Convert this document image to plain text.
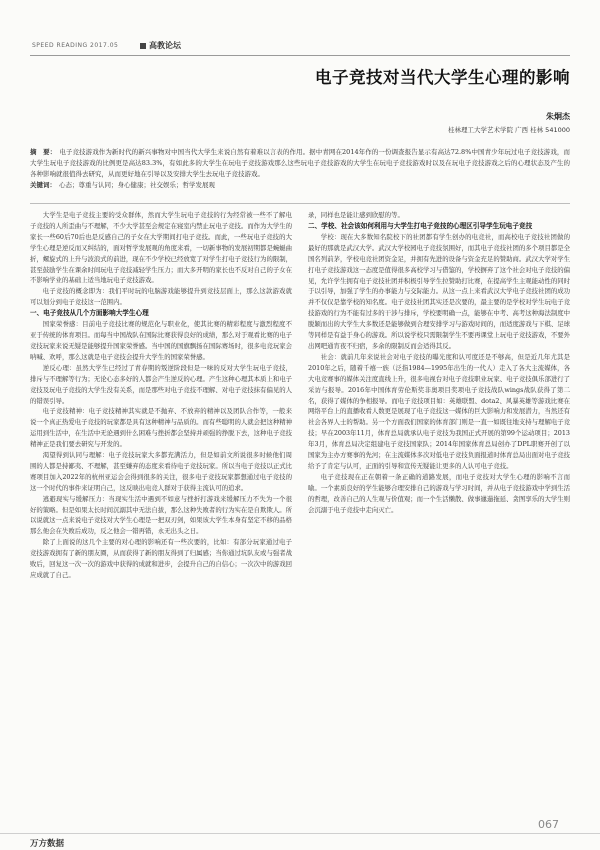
SPEED READING 2017.05	高教论坛
电子竞技对当代大学生心理的影响
朱炯杰
桂林理工大学艺术学院 广西 桂林 541000
摘　要： 电子竞技游戏作为新时代的新兴事物对中国当代大学生来说自然有着难以言表的作用。据中青网在2014年作的一份调查报告显示有高达72.8%中国青少年玩过电子竞技游戏，而大学生玩电子竞技游戏的比例更是高达83.3%，有如此多的大学生在玩电子竞技游戏那么这些玩电子竞技游戏的大学生在玩电子竞技游戏时以及在玩电子竞技游戏之后的心理状态及产生的各种影响就很值得去研究，从而更好地在引导以及安排大学生去玩电子竞技游戏。
关键词： 心态；尊重与认同；身心健康；社交娱乐；哲学发展观

大学生是电子竞技主要的受众群体，然而大学生玩电子竞技的行为经常被一些不了解电子竞技的人所歪曲与不理解，不少大学甚至会规定在寝室内禁止玩电子竞技。而作为大学生的家长一些60后70后也是反感自己的子女在大学期间打电子竞技。而此，一些玩电子竞技的大学生心理是逆反而又纠结的，面对哲学发展观的角度来看，一切新事物的发展初期都是蜿蜒曲折，螺旋式的上升与波浪式的前进，现在不少学校已经放宽了对学生打电子竞技行为的限制，甚至鼓励学生在课余时间玩电子竞技减轻学生压力；而大多开明的家长也不反对自己的子女在不影响学业的基础上适当地玩电子竞技游戏。

电子竞技的概念即为：我们平时玩的电脑游戏能够提升到竞技层面上，那么这款游戏就可以划分到电子竞技这一范围内。

一、电子竞技从几个方面影响大学生心理

国家荣誉感：目前电子竞技比赛的规范化与职业化，使其比赛的精彩程度与激烈程度不亚于传统的体育项目。而每当中国战队在国际比赛获得良好的成绩，那么对于观看比赛的电子竞技玩家来说无疑是能够提升国家荣誉感。当中国的国旗飘扬在国际赛场时，很多电竞玩家会呐喊、欢呼，那么这就是电子竞技会提升大学生的国家荣誉感。

逆反心理：虽然大学生已经过了青春期的叛逆阶段但是一味的反对大学生玩电子竞技，排斥与不理解等行为；无论心态多好的人都会产生逆反的心理。产生这种心理其本质上和电子竞技及玩电子竞技的大学生没有关系，而是那些对电子竞技不理解、对电子竞技抹有偏见的人的错误引导。

电子竞技精神：电子竞技精神其实就是不抛弃、不放弃的精神以及团队合作等，一般来说一个真正热爱电子竞技的玩家都是具有这种精神与品质的。而有些聪明的人就会把这种精神运用到生活中，在生活中无论遇到什么困难与挫折都会坚持并顽强的挣脱下去，这种电子竞技精神正是我们要去研究与开发的。

渴望得到认同与理解：电子竞技玩家大多都充满活力，但是如前文所说很多时候他们周围的人都是持鄙夷、不理解，甚至嫌弃的态度来看待电子竞技玩家。所以当电子竞技以正式比赛项目加入2022年的杭州亚运会会得到很多的关注，很多电子竞技玩家都想通过电子竞技的这一个时代的事件来证明自己，这反映出电竞人群对于获得主流认可的追求。

逃避现实与缓解压力：当现实生活中遇到不如意与挫折打游戏来缓解压力不失为一个很好的策略。但是如果太长时间沉溺其中无法自拔，那么这种失败者的行为实在是自欺欺人。所以说就这一点来说电子竞技对大学生心理是一把双刃剑，如果该大学生本身有坚定不移的品格那么他会在失败后成功，反之他会一错再错，永无出头之日。

除了上面说的这几个主要的对心理的影响还有一些次要的，比如：有部分玩家通过电子竞技游戏拥有了新的朋友圈，从而获得了新的朋友得到了归属感；当你通过坑队友或与强者战败后，回复这一次一次的游戏中获得的成就和进步，会提升自己的自信心；一次次中的游戏回应成就了自己。

录，同样也是能让感到欣慰的等。

二、学校、社会该如何利用与大学生打电子竞技的心理区引导学生玩电子竞技

学校：现在大多数知名院校下的社团都有学生创办的电竞社，而高校电子竞技社团做的最好的那就是武汉大学。武汉大学校园电子竞技氛围好，而其电子竞技社团的多个项目都是全国名列前茅，学校电竞社团资金足，并拥有先进的设备与资金充足的赞助商。武汉大学对学生打电子竞技游戏这一态度是值得很多高校学习与借鉴的，学校摒弃了这个社会对电子竞技的偏见，允许学生拥有电子竞技社团并积极引导学生拉赞助打比赛，在提高学生主观能动性的同时于以引导，加强了学生的办事能力与交际能力。从这一点上来看武汉大学电子竞技社团的成功并不仅仅是靠学校的知名度。电子竞技社团其实还是次要的，最主要的是学校对学生玩电子竞技游戏的行为不能有过多的干涉与排斥，学校要明确一点，能够在中考、高考这种海法制度中脱颖而出的大学生大多数还是能够做到合理安排学习与游戏时间的，而适度游戏与下棋、足球等同样是有益于身心的游戏。所以说学校只需限制学生不要再课堂上玩电子竞技游戏，不要外出网吧通宵夜不归宿，多余的限制反而会适得其反。

社会：就前几年来说社会对电子竞技的曝光度和认可度还是不够高，但是近几年尤其是2010年之后，随着千禧一族（泛指1984—1995年出生的一代人）走入了各大主流媒体，各大电竞赛事的媒体关注度直线上升，很多电视台对电子竞技职业玩家、电子竞技俱乐部进行了采访与报导。2016年中国体育劳伦斯奖非奥项目奖项电子竞技战队wings战队获得了第二名，获得了媒体的争相报导。而电子竞技项目如：英雄联盟、dota2、风暴英雄等游戏比赛在网络平台上的直播收看人数更是展现了电子竞技这一媒体的巨大影响力和发展潜力，当然还有社会各界人士的帮助。另一个方面我们国家的体育部门则是一直一如既往地支持与理解电子竞技；早在2003年11月，体育总局就承认电子竞技为我国正式开展的第99个运动项目；2013年3月，体育总局决定组建电子竞技国家队；2014年国家体育总局创办了DPL职赛开创了以国家为主办方赛事的先河；在主流媒体多次对低电子竞技负面报道时体育总局出面对电子竞技给予了肯定与认可，正面的引导和宣传无疑能让更多的人认可电子竞技。

电子竞技现在正在朝着一条正确的道路发展，而电子竞技对大学生心理的影响不言而喻。一个素质良好的学生能够合理安排自己的游戏与学习时间，并从电子竞技游戏中学到生活的哲理，改善自己的人生观与价值观；而一个生活懒散、做事邋遢拖延、贪图享乐的大学生则会沉溺于电子竞技中走向灭亡。

067
万方数据
